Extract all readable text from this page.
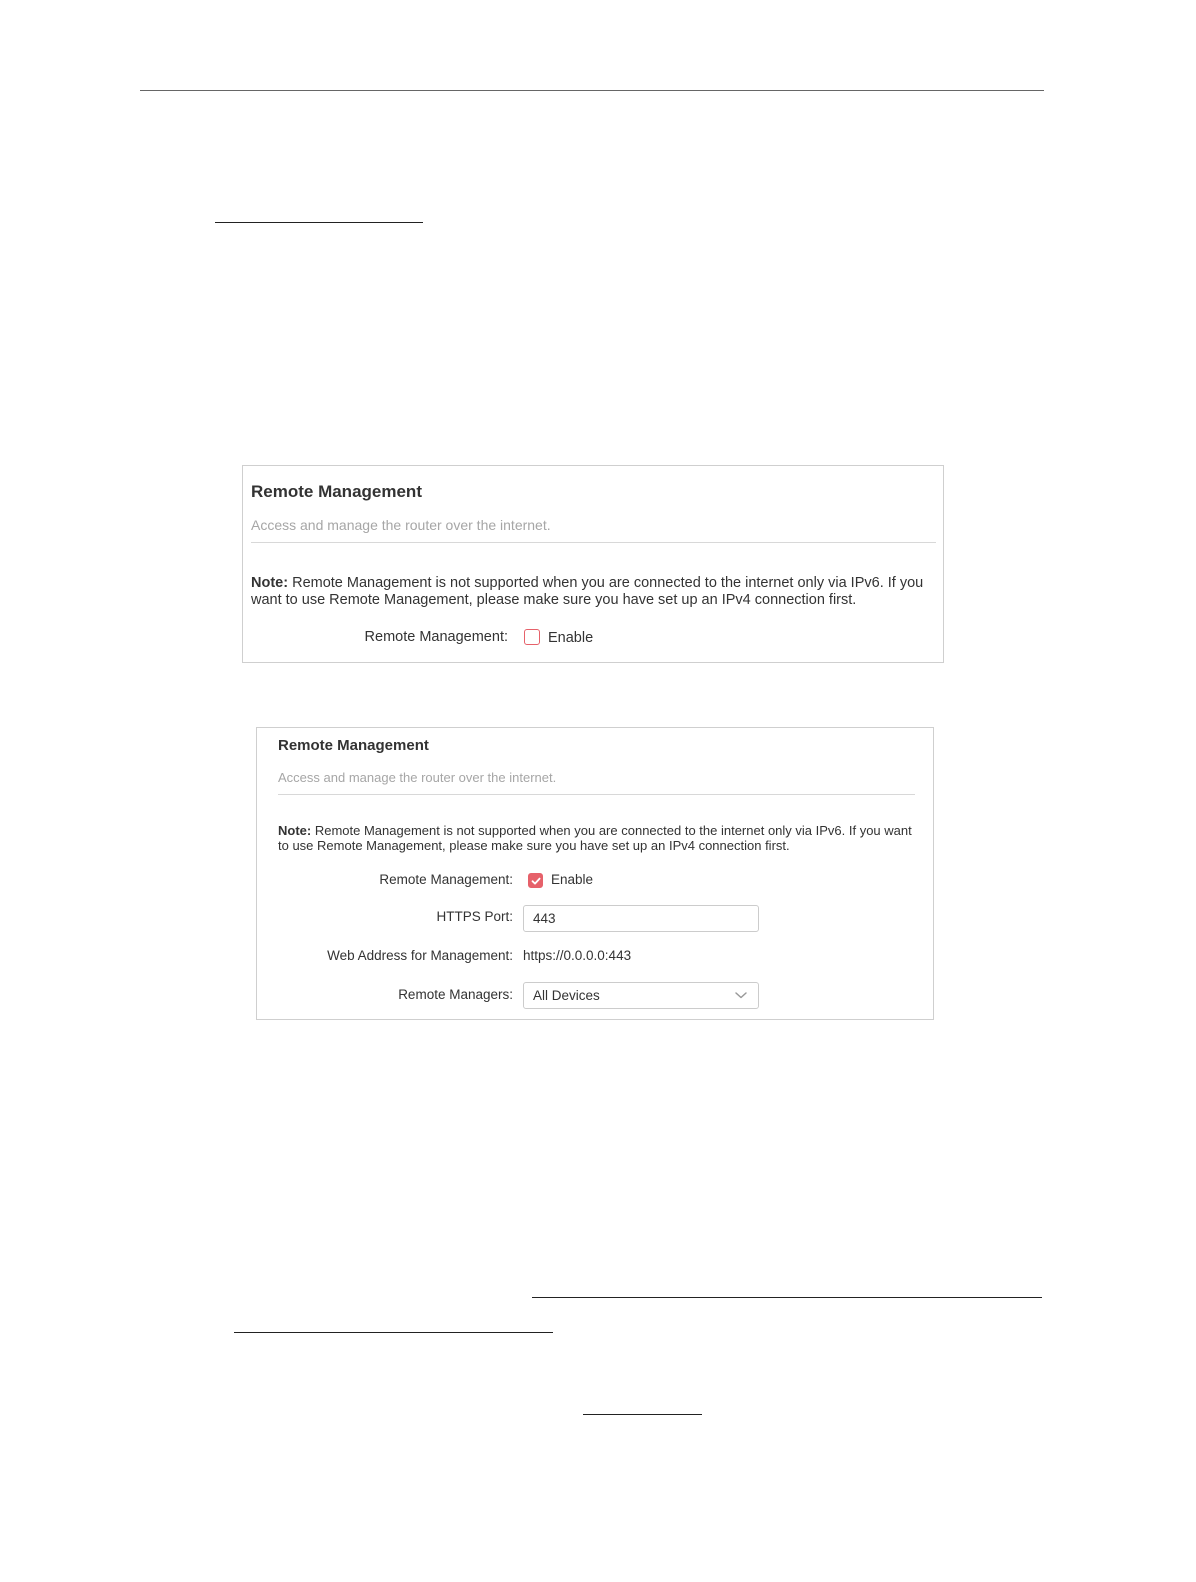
Remote Management
Access and manage the router over the internet.
Note: Remote Management is not supported when you are connected to the internet only via IPv6. If you want to use Remote Management, please make sure you have set up an IPv4 connection first.
Remote Management:	Enable
Remote Management
Access and manage the router over the internet.
Note: Remote Management is not supported when you are connected to the internet only via IPv6. If you want to use Remote Management, please make sure you have set up an IPv4 connection first.
Remote Management:	Enable
HTTPS Port:	443
Web Address for Management: https://0.0.0.0:443
Remote Managers: All Devices
